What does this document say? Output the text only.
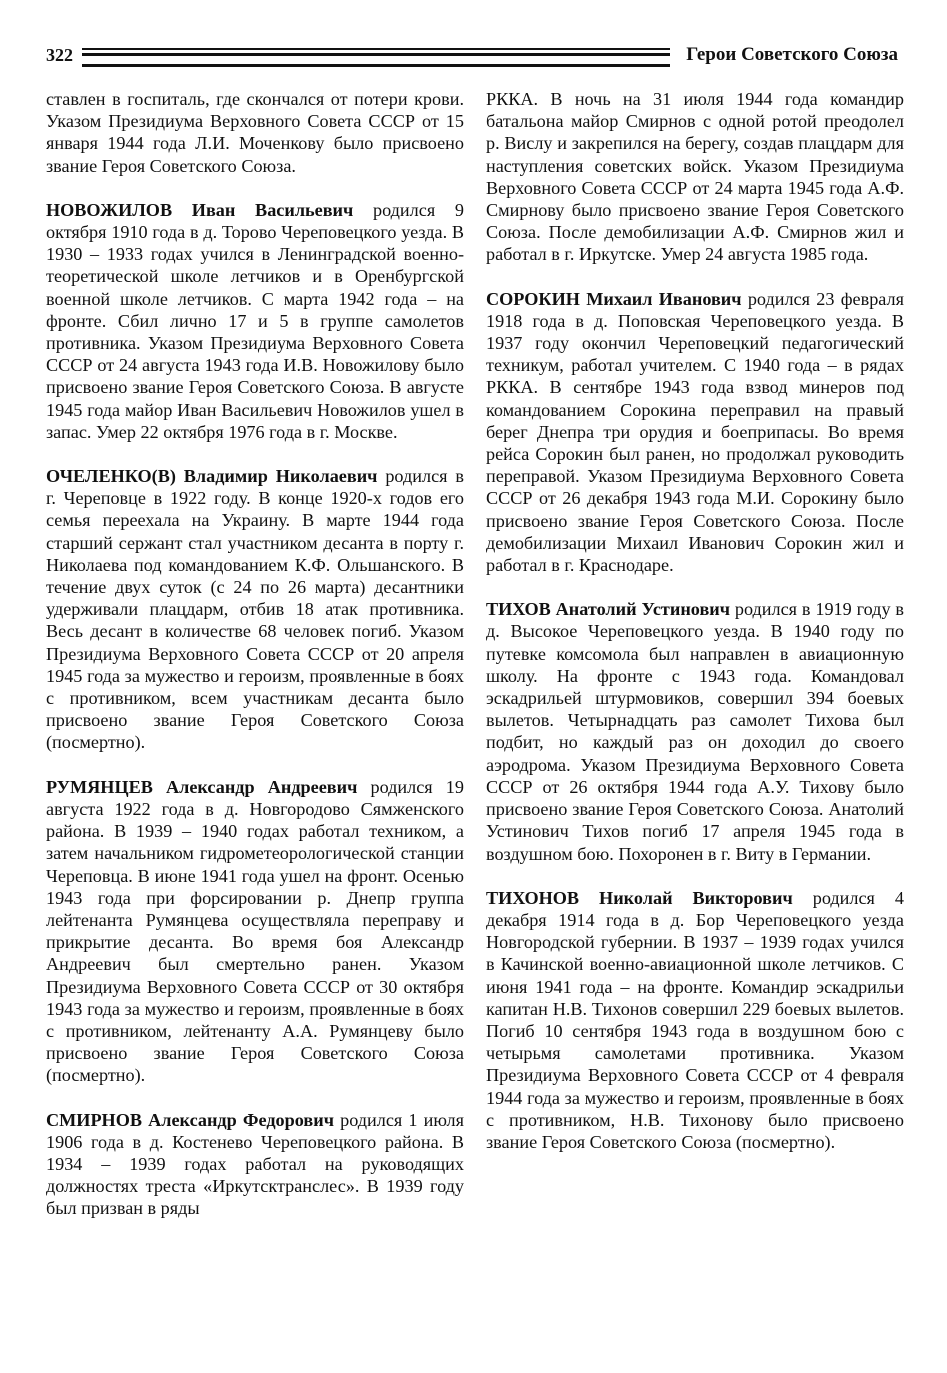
322	Герои Советского Союза

ставлен в госпиталь, где скончался от потери крови. Указом Президиума Верховного Совета СССР от 15 января 1944 года Л.И. Моченкову было присвоено звание Героя Советского Союза.

НОВОЖИЛОВ Иван Васильевич родился 9 октября 1910 года в д. Торово Череповецкого уезда. В 1930 – 1933 годах учился в Ленинградской военно-теоретической школе летчиков и в Оренбургской военной школе летчиков. С марта 1942 года – на фронте. Сбил лично 17 и 5 в группе самолетов противника. Указом Президиума Верховного Совета СССР от 24 августа 1943 года И.В. Новожилову было присвоено звание Героя Советского Союза. В августе 1945 года майор Иван Васильевич Новожилов ушел в запас. Умер 22 октября 1976 года в г. Москве.

ОЧЕЛЕНКО(В) Владимир Николаевич родился в г. Череповце в 1922 году. В конце 1920-х годов его семья переехала на Украину. В марте 1944 года старший сержант стал участником десанта в порту г. Николаева под командованием К.Ф. Ольшанского. В течение двух суток (с 24 по 26 марта) десантники удерживали плацдарм, отбив 18 атак противника. Весь десант в количестве 68 человек погиб. Указом Президиума Верховного Совета СССР от 20 апреля 1945 года за мужество и героизм, проявленные в боях с противником, всем участникам десанта было присвоено звание Героя Советского Союза (посмертно).

РУМЯНЦЕВ Александр Андреевич родился 19 августа 1922 года в д. Новгородово Сямженского района. В 1939 – 1940 годах работал техником, а затем начальником гидрометеорологической станции Череповца. В июне 1941 года ушел на фронт. Осенью 1943 года при форсировании р. Днепр группа лейтенанта Румянцева осуществляла переправу и прикрытие десанта. Во время боя Александр Андреевич был смертельно ранен. Указом Президиума Верховного Совета СССР от 30 октября 1943 года за мужество и героизм, проявленные в боях с противником, лейтенанту А.А. Румянцеву было присвоено звание Героя Советского Союза (посмертно).

СМИРНОВ Александр Федорович родился 1 июля 1906 года в д. Костенево Череповецкого района. В 1934 – 1939 годах работал на руководящих должностях треста «Иркутсктранслес». В 1939 году был призван в ряды

РККА. В ночь на 31 июля 1944 года командир батальона майор Смирнов с одной ротой преодолел р. Вислу и закрепился на берегу, создав плацдарм для наступления советских войск. Указом Президиума Верховного Совета СССР от 24 марта 1945 года А.Ф. Смирнову было присвоено звание Героя Советского Союза. После демобилизации А.Ф. Смирнов жил и работал в г. Иркутске. Умер 24 августа 1985 года.

СОРОКИН Михаил Иванович родился 23 февраля 1918 года в д. Поповская Череповецкого уезда. В 1937 году окончил Череповецкий педагогический техникум, работал учителем. С 1940 года – в рядах РККА. В сентябре 1943 года взвод минеров под командованием Сорокина переправил на правый берег Днепра три орудия и боеприпасы. Во время рейса Сорокин был ранен, но продолжал руководить переправой. Указом Президиума Верховного Совета СССР от 26 декабря 1943 года М.И. Сорокину было присвоено звание Героя Советского Союза. После демобилизации Михаил Иванович Сорокин жил и работал в г. Краснодаре.

ТИХОВ Анатолий Устинович родился в 1919 году в д. Высокое Череповецкого уезда. В 1940 году по путевке комсомола был направлен в авиационную школу. На фронте с 1943 года. Командовал эскадрильей штурмовиков, совершил 394 боевых вылетов. Четырнадцать раз самолет Тихова был подбит, но каждый раз он доходил до своего аэродрома. Указом Президиума Верховного Совета СССР от 26 октября 1944 года А.У. Тихову было присвоено звание Героя Советского Союза. Анатолий Устинович Тихов погиб 17 апреля 1945 года в воздушном бою. Похоронен в г. Виту в Германии.

ТИХОНОВ Николай Викторович родился 4 декабря 1914 года в д. Бор Череповецкого уезда Новгородской губернии. В 1937 – 1939 годах учился в Качинской военно-авиационной школе летчиков. С июня 1941 года – на фронте. Командир эскадрильи капитан Н.В. Тихонов совершил 229 боевых вылетов. Погиб 10 сентября 1943 года в воздушном бою с четырьмя самолетами противника. Указом Президиума Верховного Совета СССР от 4 февраля 1944 года за мужество и героизм, проявленные в боях с противником, Н.В. Тихонову было присвоено звание Героя Советского Союза (посмертно).
